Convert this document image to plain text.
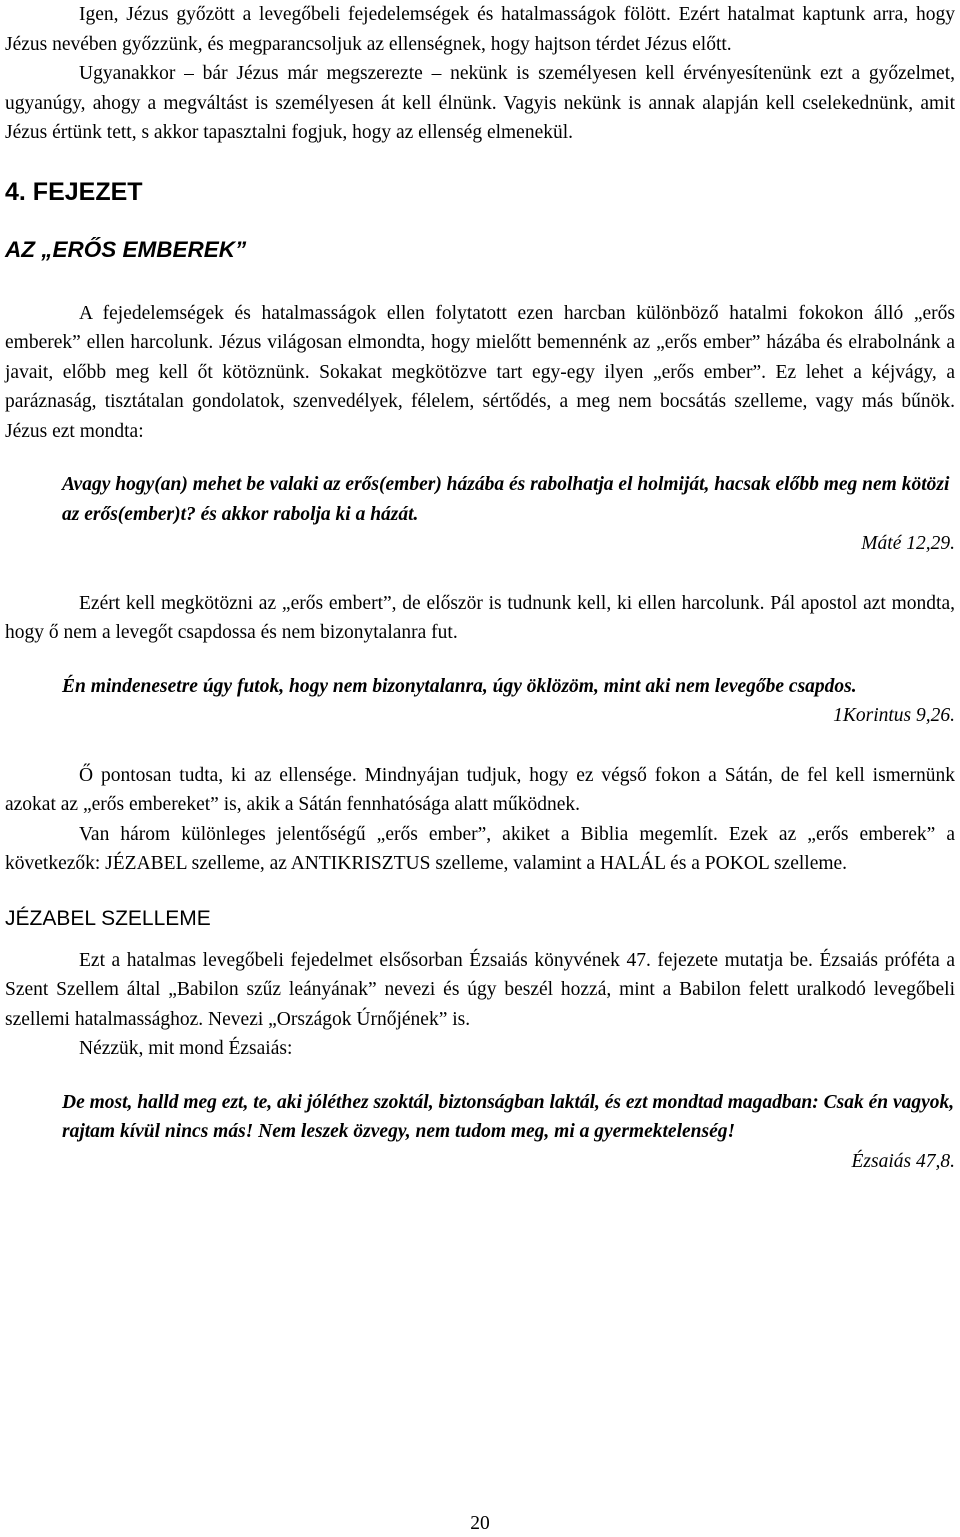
Igen, Jézus győzött a levegőbeli fejedelemségek és hatalmasságok fölött. Ezért hatalmat kaptunk arra, hogy Jézus nevében győzzünk, és megparancsoljuk az ellenségnek, hogy hajtson térdet Jézus előtt.

Ugyanakkor – bár Jézus már megszerezte – nekünk is személyesen kell érvényesítenünk ezt a győzelmet, ugyanúgy, ahogy a megváltást is személyesen át kell élnünk. Vagyis nekünk is annak alapján kell cselekednünk, amit Jézus értünk tett, s akkor tapasztalni fogjuk, hogy az ellenség elmenekül.

4. FEJEZET
AZ „ERŐS EMBEREK”

A fejedelemségek és hatalmasságok ellen folytatott ezen harcban különböző hatalmi fokokon álló „erős emberek” ellen harcolunk. Jézus világosan elmondta, hogy mielőtt bemennénk az „erős ember” házába és elrabolnánk a javait, előbb meg kell őt kötöznünk. Sokakat megkötözve tart egy-egy ilyen „erős ember”. Ez lehet a kéjvágy, a paráznaság, tisztátalan gondolatok, szenvedélyek, félelem, sértődés, a meg nem bocsátás szelleme, vagy más bűnök. Jézus ezt mondta:

Avagy hogy(an) mehet be valaki az erős(ember) házába és rabolhatja el holmiját, hacsak előbb meg nem kötözi az erős(ember)t? és akkor rabolja ki a házát.

Máté 12,29.

Ezért kell megkötözni az „erős embert”, de először is tudnunk kell, ki ellen harcolunk. Pál apostol azt mondta, hogy ő nem a levegőt csapdossa és nem bizonytalanra fut.

Én mindenesetre úgy futok, hogy nem bizonytalanra, úgy öklözöm, mint aki nem levegőbe csapdos.

1Korintus 9,26.

Ő pontosan tudta, ki az ellensége. Mindnyájan tudjuk, hogy ez végső fokon a Sátán, de fel kell ismernünk azokat az „erős embereket” is, akik a Sátán fennhatósága alatt működnek.

Van három különleges jelentőségű „erős ember”, akiket a Biblia megemlít. Ezek az „erős emberek” a következők: JÉZABEL szelleme, az ANTIKRISZTUS szelleme, valamint a HALÁL és a POKOL szelleme.

JÉZABEL SZELLEME

Ezt a hatalmas levegőbeli fejedelmet elsősorban Ézsaiás könyvének 47. fejezete mutatja be. Ézsaiás próféta a Szent Szellem által „Babilon szűz leányának” nevezi és úgy beszél hozzá, mint a Babilon felett uralkodó levegőbeli szellemi hatalmassághoz. Nevezi „Országok Úrnőjének” is.

Nézzük, mit mond Ézsaiás:

De most, halld meg ezt, te, aki jóléthez szoktál, biztonságban laktál, és ezt mondtad magadban: Csak én vagyok, rajtam kívül nincs más! Nem leszek özvegy, nem tudom meg, mi a gyermektelenség!

Ézsaiás 47,8.
20
